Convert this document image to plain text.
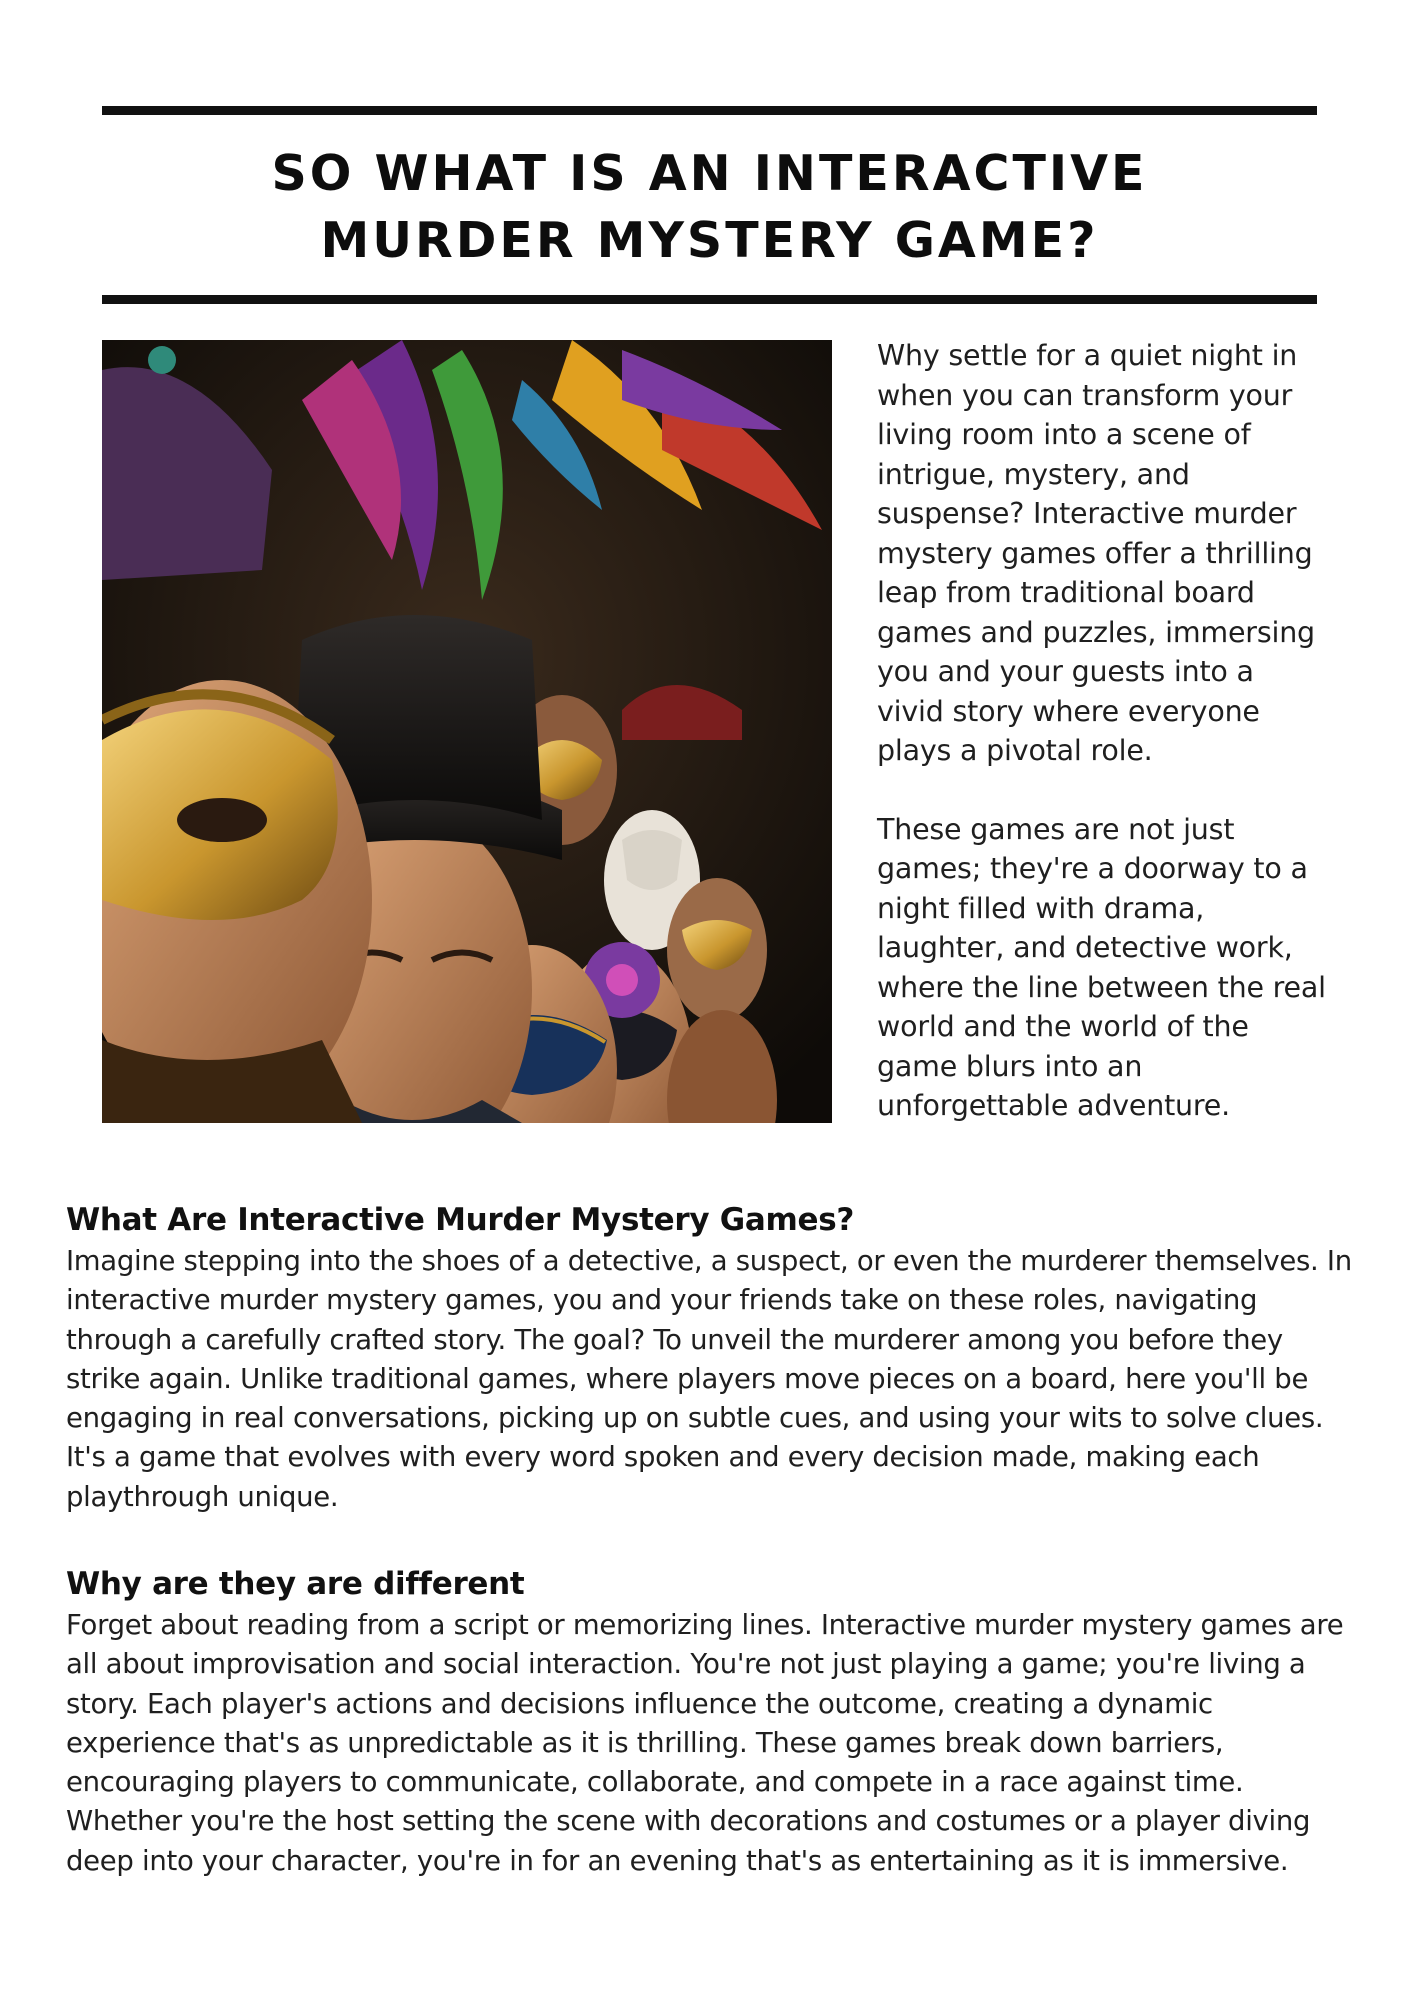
SO WHAT IS AN INTERACTIVE
MURDER MYSTERY GAME?

Why settle for a quiet night in when you can transform your living room into a scene of intrigue, mystery, and suspense? Interactive murder mystery games offer a thrilling leap from traditional board games and puzzles, immersing you and your guests into a vivid story where everyone plays a pivotal role.

These games are not just games; they're a doorway to a night filled with drama, laughter, and detective work, where the line between the real world and the world of the game blurs into an unforgettable adventure.

What Are Interactive Murder Mystery Games?

Imagine stepping into the shoes of a detective, a suspect, or even the murderer themselves. In interactive murder mystery games, you and your friends take on these roles, navigating through a carefully crafted story. The goal? To unveil the murderer among you before they strike again. Unlike traditional games, where players move pieces on a board, here you'll be engaging in real conversations, picking up on subtle cues, and using your wits to solve clues. It's a game that evolves with every word spoken and every decision made, making each playthrough unique.

Why are they are different

Forget about reading from a script or memorizing lines. Interactive murder mystery games are all about improvisation and social interaction. You're not just playing a game; you're living a story. Each player's actions and decisions influence the outcome, creating a dynamic experience that's as unpredictable as it is thrilling. These games break down barriers, encouraging players to communicate, collaborate, and compete in a race against time. Whether you're the host setting the scene with decorations and costumes or a player diving deep into your character, you're in for an evening that's as entertaining as it is immersive.
